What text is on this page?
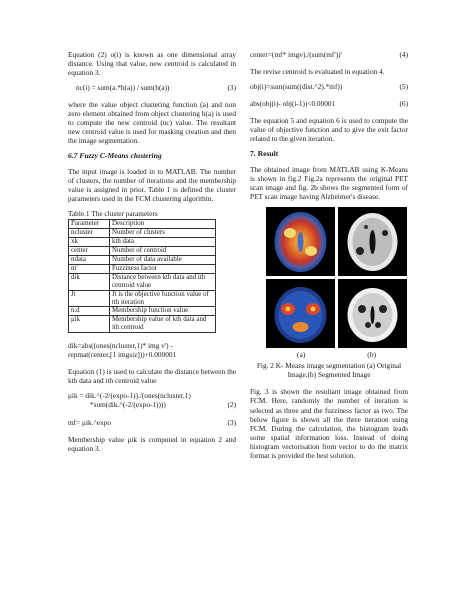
Equation (2) o(i) is known as one dimensional array distance. Using that value, new centroid is calculated in equation 3.

nc(i) = sum(a.*h(a)) / sum(h(a))	(3)

where the value object clustering function (a) and non zero element obtained from object clustering h(a) is used to compute the new centroid (nc) value. The resultant new centroid value is used for masking creation and then the image segmentation.

6.7 Fuzzy C-Means clustering

The input image is loaded in to MATLAB. The number of clusters, the number of iterations and the membership value is assigned in prior. Table 1 is defined the cluster parameters used in the FCM clustering algorithm.

Table.1 The cluster parameters
Parameter	Description
ncluster	Number of clusters
xk	kth data
center	Number of centroid
ndata	Number of data available
m'	Fuzziness factor
dik	Distance between kth data and ith centroid value
Jt	Jt is the objective function value of tth iteration
n.d	Membership function value
μik	Membership value of kth data and ith centroid
dik=abs((ones(ncluster,1)* img v') -
repmat(center,[1 imgsiz]))+0.000001

Equation (1) is used to calculate the distance between the kth data and ith centroid value

μik = dik.^(-2/(expo-1))./(ones(ncluster,1)
*sum(dik.^(-2/(expo-1))))	(2)
mf= μik.^expo	(3)

Membership value μik is computed in equation 2 and equation 3.

center=(mf* imgv)./(sum(mf'))'	(4)

The revise centroid is evaluated in equation 4.

obj(i)=sum(sum((dist.^2).*mf))	(5)
abs(obj(i)- obj(i-1))<0.00001	(6)

The equation 5 and equation 6 is used to compute the value of objective function and to give the exit factor related to the given iteration.

7. Result

The obtained image from MATLAB using K-Means is shown in fig.2 Fig.2a represents the original PET scan image and fig. 2b shows the segmented form of PET scan image having Alzheimer's disease.

(a)	(b)
Fig. 2 K- Means image segmentation (a) Original Image,(b) Segmented Image

Fig. 3 is shown the resultant image obtained from FCM. Here, randomly the number of iteration is selected as three and the fuzziness factor as two. The below figure is shown all the three iteration using FCM. During the calculation, the histogram leads some spatial information loss. Instead of doing histogram vectorisation from vector to do the matrix format is provided the best solution.
